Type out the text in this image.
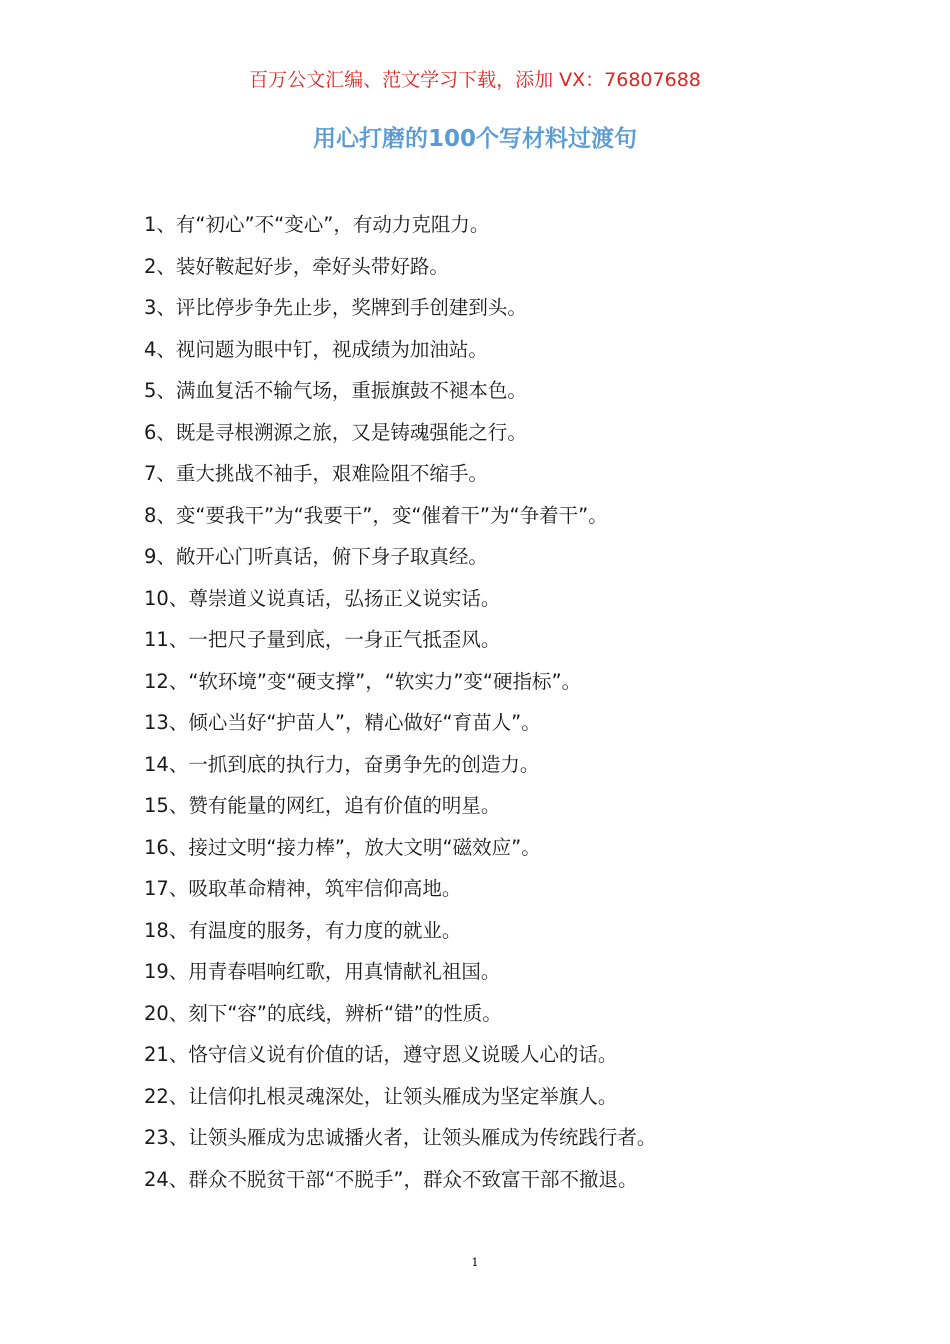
百万公文汇编、范文学习下载，添加 VX：76807688
用心打磨的100个写材料过渡句
1、有“初心”不“变心”，有动力克阻力。
2、装好鞍起好步，牵好头带好路。
3、评比停步争先止步，奖牌到手创建到头。
4、视问题为眼中钉，视成绩为加油站。
5、满血复活不输气场，重振旗鼓不褪本色。
6、既是寻根溯源之旅，又是铸魂强能之行。
7、重大挑战不袖手，艰难险阻不缩手。
8、变“要我干”为“我要干”，变“催着干”为“争着干”。
9、敞开心门听真话，俯下身子取真经。
10、尊崇道义说真话，弘扬正义说实话。
11、一把尺子量到底，一身正气抵歪风。
12、“软环境”变“硬支撑”，“软实力”变“硬指标”。
13、倾心当好“护苗人”，精心做好“育苗人”。
14、一抓到底的执行力，奋勇争先的创造力。
15、赞有能量的网红，追有价值的明星。
16、接过文明“接力棒”，放大文明“磁效应”。
17、吸取革命精神，筑牢信仰高地。
18、有温度的服务，有力度的就业。
19、用青春唱响红歌，用真情献礼祖国。
20、刻下“容”的底线，辨析“错”的性质。
21、恪守信义说有价值的话，遵守恩义说暖人心的话。
22、让信仰扎根灵魂深处，让领头雁成为坚定举旗人。
23、让领头雁成为忠诚播火者，让领头雁成为传统践行者。
24、群众不脱贫干部“不脱手”，群众不致富干部不撤退。
1
